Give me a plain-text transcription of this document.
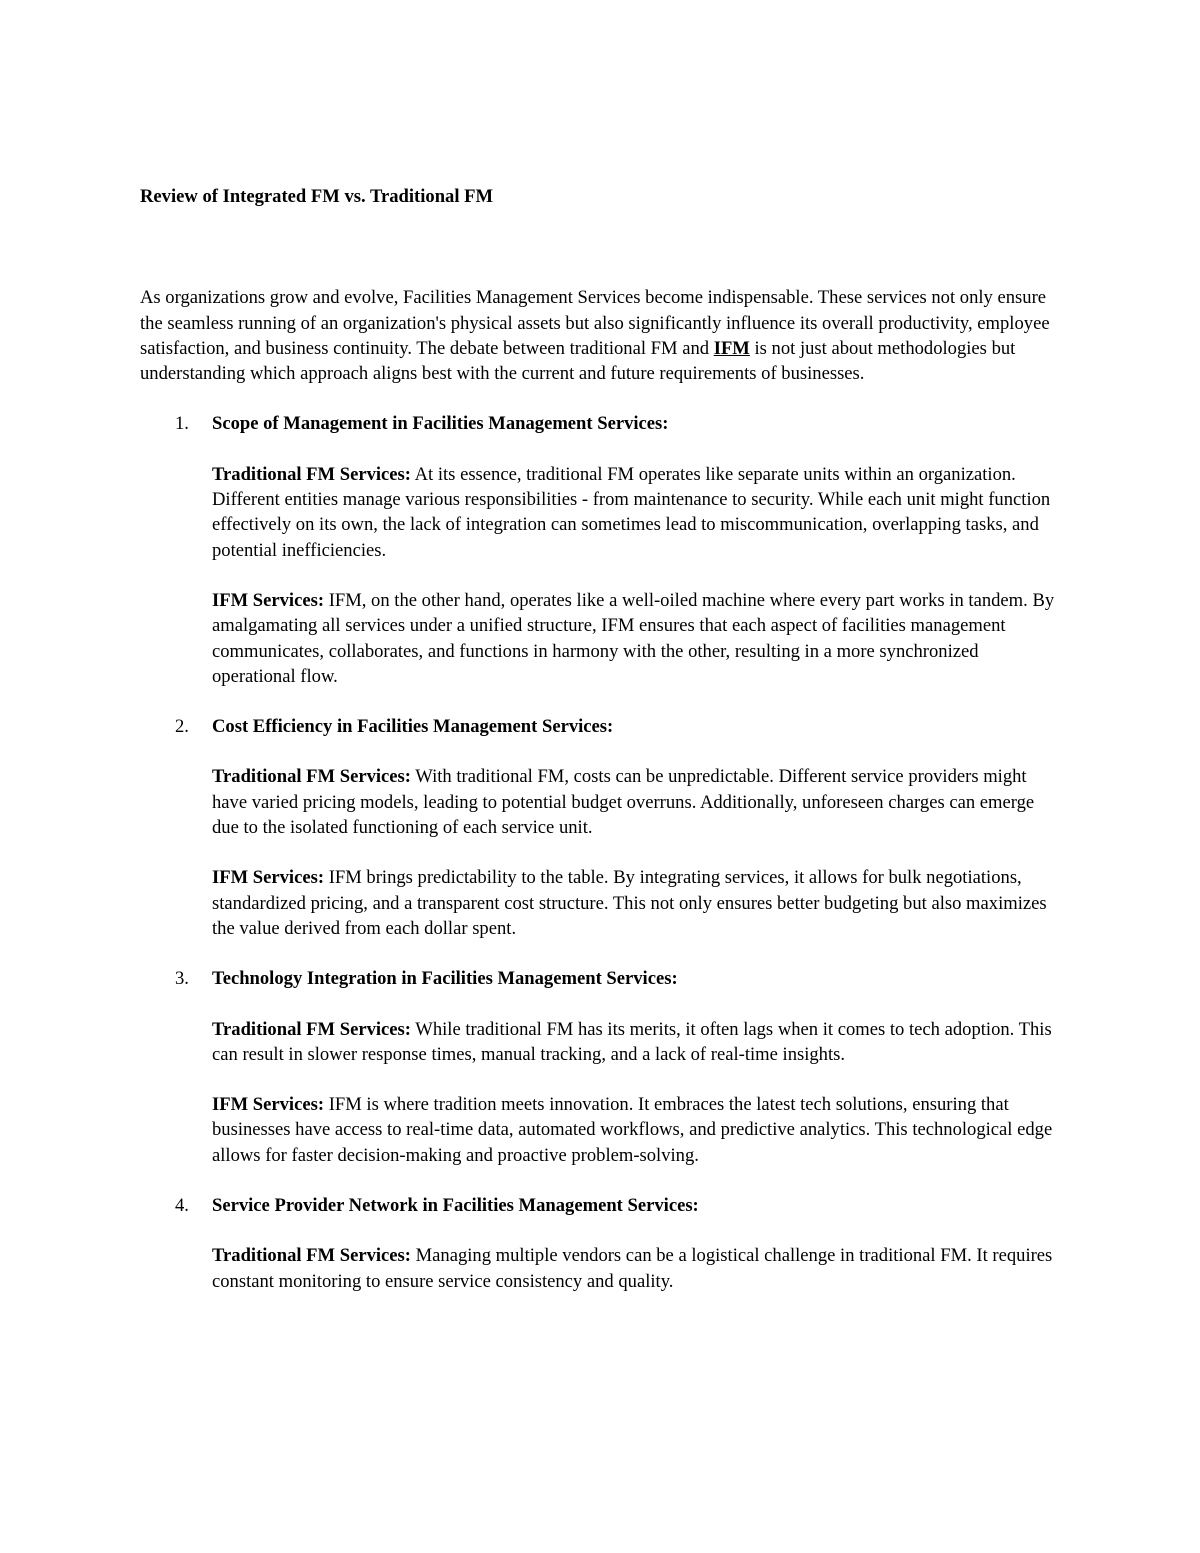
Review of Integrated FM vs. Traditional FM

As organizations grow and evolve, Facilities Management Services become indispensable. These services not only ensure the seamless running of an organization's physical assets but also significantly influence its overall productivity, employee satisfaction, and business continuity. The debate between traditional FM and IFM is not just about methodologies but understanding which approach aligns best with the current and future requirements of businesses.

1. Scope of Management in Facilities Management Services:

Traditional FM Services: At its essence, traditional FM operates like separate units within an organization. Different entities manage various responsibilities - from maintenance to security. While each unit might function effectively on its own, the lack of integration can sometimes lead to miscommunication, overlapping tasks, and potential inefficiencies.

IFM Services: IFM, on the other hand, operates like a well-oiled machine where every part works in tandem. By amalgamating all services under a unified structure, IFM ensures that each aspect of facilities management communicates, collaborates, and functions in harmony with the other, resulting in a more synchronized operational flow.

2. Cost Efficiency in Facilities Management Services:

Traditional FM Services: With traditional FM, costs can be unpredictable. Different service providers might have varied pricing models, leading to potential budget overruns. Additionally, unforeseen charges can emerge due to the isolated functioning of each service unit.

IFM Services: IFM brings predictability to the table. By integrating services, it allows for bulk negotiations, standardized pricing, and a transparent cost structure. This not only ensures better budgeting but also maximizes the value derived from each dollar spent.

3. Technology Integration in Facilities Management Services:

Traditional FM Services: While traditional FM has its merits, it often lags when it comes to tech adoption. This can result in slower response times, manual tracking, and a lack of real-time insights.

IFM Services: IFM is where tradition meets innovation. It embraces the latest tech solutions, ensuring that businesses have access to real-time data, automated workflows, and predictive analytics. This technological edge allows for faster decision-making and proactive problem-solving.

4. Service Provider Network in Facilities Management Services:

Traditional FM Services: Managing multiple vendors can be a logistical challenge in traditional FM. It requires constant monitoring to ensure service consistency and quality.
